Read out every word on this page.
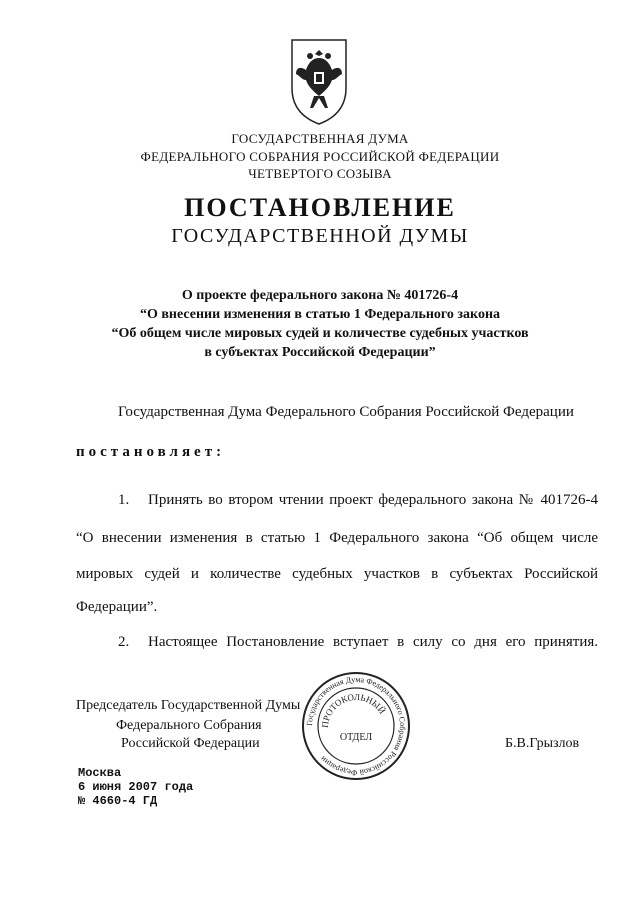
ГОСУДАРСТВЕННАЯ ДУМА
ФЕДЕРАЛЬНОГО СОБРАНИЯ РОССИЙСКОЙ ФЕДЕРАЦИИ
ЧЕТВЕРТОГО СОЗЫВА
ПОСТАНОВЛЕНИЕ
ГОСУДАРСТВЕННОЙ ДУМЫ
О проекте федерального закона № 401726-4
“О внесении изменения в статью 1 Федерального закона
“Об общем числе мировых судей и количестве судебных участков
в субъектах Российской Федерации”
Государственная Дума Федерального Собрания Российской Федерации
постановляет:
1. Принять во втором чтении проект федерального закона № 401726-4
“О внесении изменения в статью 1 Федерального закона “Об общем числе
мировых судей и количестве судебных участков в субъектах Российской
Федерации”.
2. Настоящее Постановление вступает в силу со дня его принятия.
Председатель Государственной Думы
Федерального Собрания
Российской Федерации	Б.В.Грызлов
Государственная Дума Федерального Собрания Российской Федерации
ПРОТОКОЛЬНЫЙ
ОТДЕЛ
Москва
6 июня 2007 года
№ 4660-4 ГД
